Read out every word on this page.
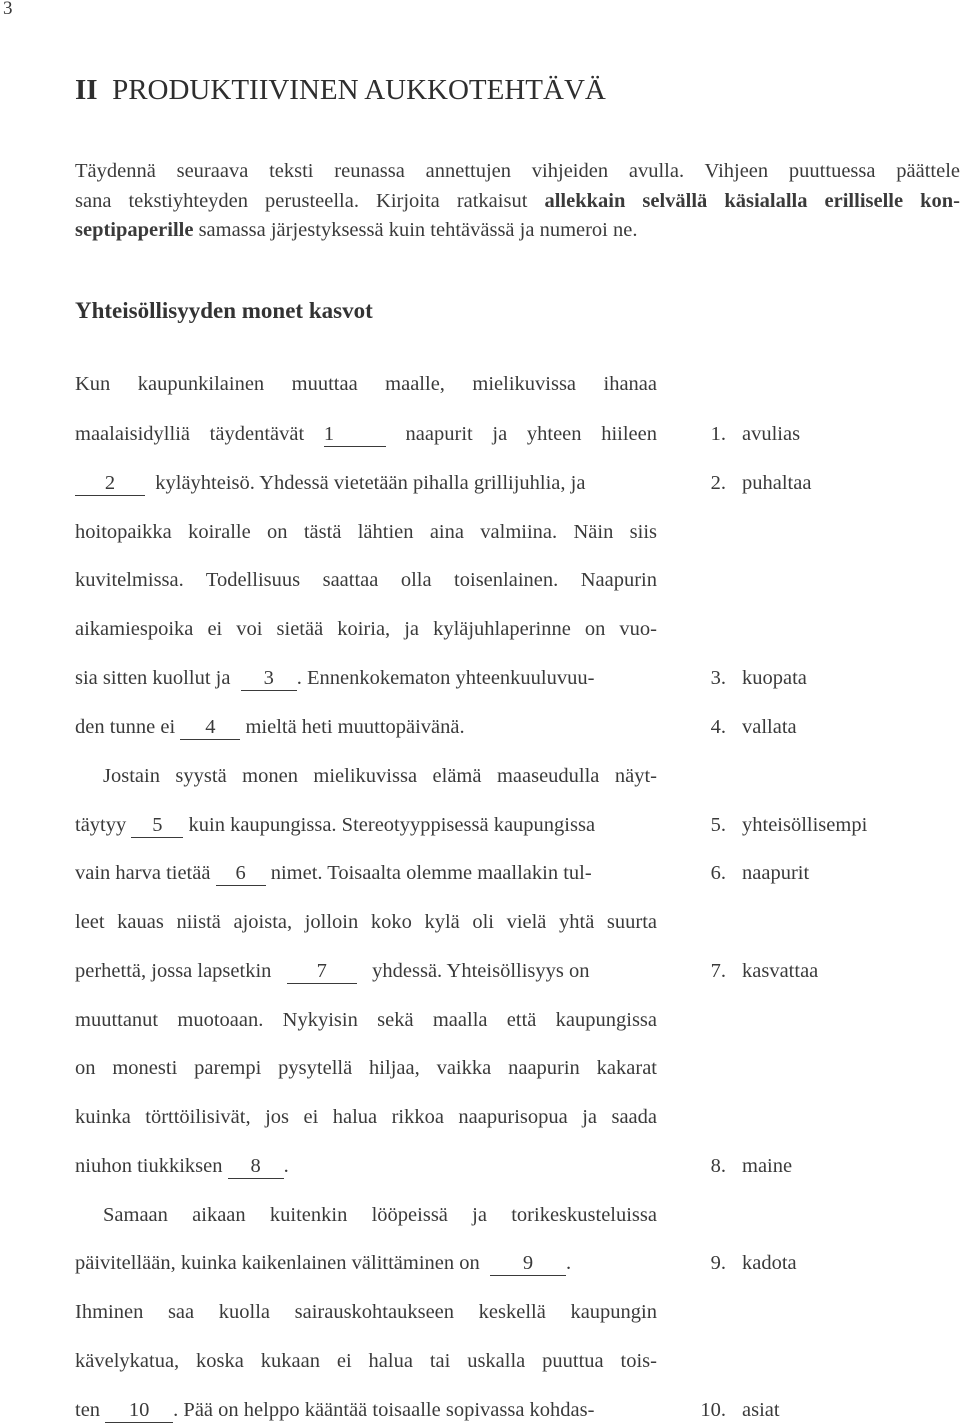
3
II PRODUKTIIVINEN AUKKOTEHTÄVÄ
Täydennä seuraava teksti reunassa annettujen vihjeiden avulla. Vihjeen puuttuessa päättele
sana tekstiyhteyden perusteella. Kirjoita ratkaisut allekkain selvällä käsialalla erilliselle kon-
septipaperille samassa järjestyksessä kuin tehtävässä ja numeroi ne.
Yhteisöllisyyden monet kasvot
Kun kaupunkilainen muuttaa maalle, mielikuvissa ihanaa
maalaisidylliä täydentävät 1	naapurit ja yhteen hiileen
2 kyläyhteisö. Yhdessä vietetään pihalla grillijuhlia, ja
hoitopaikka koiralle on tästä lähtien aina valmiina. Näin siis
kuvitelmissa. Todellisuus saattaa olla toisenlainen. Naapurin
aikamiespoika ei voi sietää koiria, ja kyläjuhlaperinne on vuo-
sia sitten kuollut ja 3 . Ennenkokematon yhteenkuuluvuu-
den tunne ei 4 mieltä heti muuttopäivänä.
Jostain syystä monen mielikuvissa elämä maaseudulla näyt-
täytyy 5 kuin kaupungissa. Stereotyyppisessä kaupungissa
vain harva tietää 6 nimet. Toisaalta olemme maallakin tul-
leet kauas niistä ajoista, jolloin koko kylä oli vielä yhtä suurta
perhettä, jossa lapsetkin 7 yhdessä. Yhteisöllisyys on
muuttanut muotoaan. Nykyisin sekä maalla että kaupungissa
on monesti parempi pysytellä hiljaa, vaikka naapurin kakarat
kuinka törttöilisivät, jos ei halua rikkoa naapurisopua ja saada
niuhon tiukkiksen 8 .
Samaan aikaan kuitenkin lööpeissä ja torikeskusteluissa
päivitellään, kuinka kaikenlainen välittäminen on 9 .
Ihminen saa kuolla sairauskohtaukseen keskellä kaupungin
kävelykatua, koska kukaan ei halua tai uskalla puuttua tois-
ten 10 . Pää on helppo kääntää toisaalle sopivassa kohdas-
1. avulias
2. puhaltaa
3. kuopata
4. vallata
5. yhteisöllisempi
6. naapurit
7. kasvattaa
8. maine
9. kadota
10. asiat
